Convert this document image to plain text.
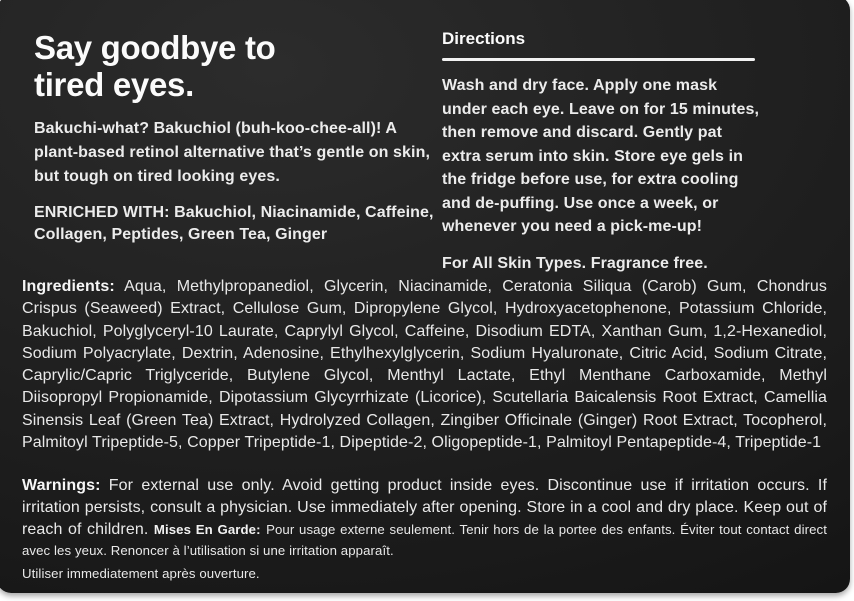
Say goodbye to
tired eyes.

Bakuchi-what? Bakuchiol (buh-koo-chee-all)! A plant-based retinol alternative that’s gentle on skin, but tough on tired looking eyes.

ENRICHED WITH: Bakuchiol, Niacinamide, Caffeine, Collagen, Peptides, Green Tea, Ginger

Directions

Wash and dry face. Apply one mask under each eye. Leave on for 15 minutes, then remove and discard. Gently pat extra serum into skin. Store eye gels in the fridge before use, for extra cooling and de-puffing. Use once a week, or whenever you need a pick-me-up!

For All Skin Types. Fragrance free.

Ingredients: Aqua, Methylpropanediol, Glycerin, Niacinamide, Ceratonia Siliqua (Carob) Gum, Chondrus Crispus (Seaweed) Extract, Cellulose Gum, Dipropylene Glycol, Hydroxyacetophenone, Potassium Chloride, Bakuchiol, Polyglyceryl-10 Laurate, Caprylyl Glycol, Caffeine, Disodium EDTA, Xanthan Gum, 1,2-Hexanediol, Sodium Polyacrylate, Dextrin, Adenosine, Ethylhexylglycerin, Sodium Hyaluronate, Citric Acid, Sodium Citrate, Caprylic/Capric Triglyceride, Butylene Glycol, Menthyl Lactate, Ethyl Menthane Carboxamide, Methyl Diisopropyl Propionamide, Dipotassium Glycyrrhizate (Licorice), Scutellaria Baicalensis Root Extract, Camellia Sinensis Leaf (Green Tea) Extract, Hydrolyzed Collagen, Zingiber Officinale (Ginger) Root Extract, Tocopherol, Palmitoyl Tripeptide-5, Copper Tripeptide-1, Dipeptide-2, Oligopeptide-1, Palmitoyl Pentapeptide-4, Tripeptide-1

Warnings: For external use only. Avoid getting product inside eyes. Discontinue use if irritation occurs. If irritation persists, consult a physician. Use immediately after opening. Store in a cool and dry place. Keep out of reach of children. Mises En Garde: Pour usage externe seulement. Tenir hors de la portee des enfants. Éviter tout contact direct avec les yeux. Renoncer à l’utilisation si une irritation apparaît.
Utiliser immediatement après ouverture.
